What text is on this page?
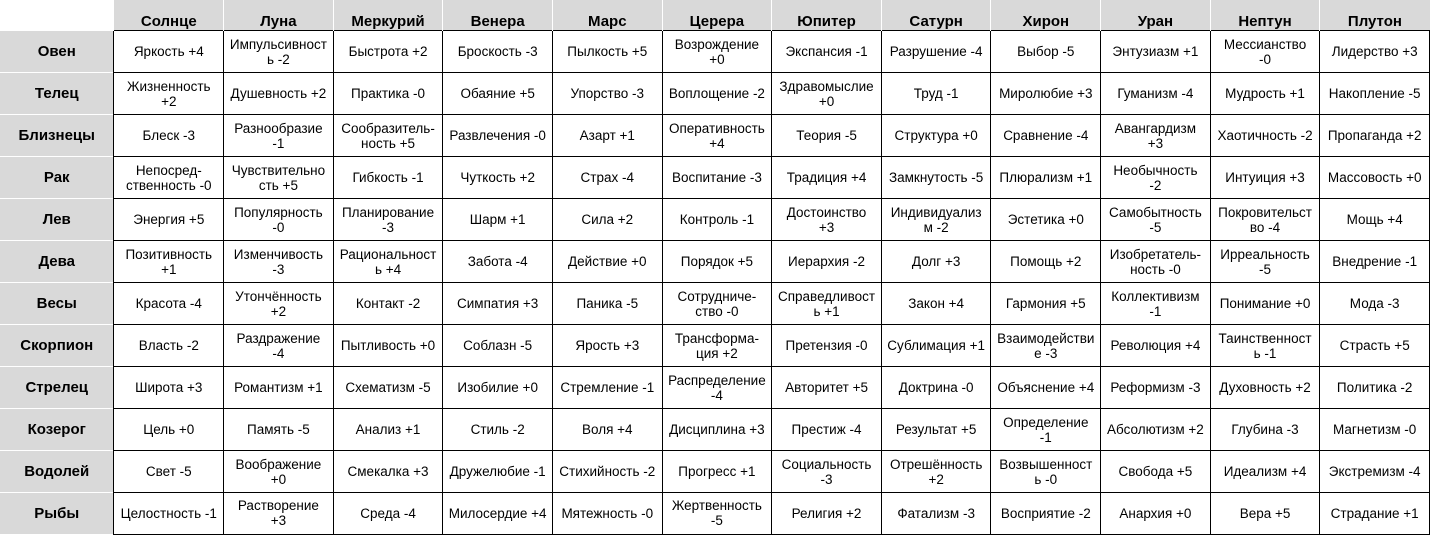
	Солнце	Луна	Меркурий	Венера	Марс	Церера	Юпитер	Сатурн	Хирон	Уран	Нептун	Плутон
Овен	Яркость +4	Импульсивность -2	Быстрота +2	Броскость -3	Пылкость +5	Возрождение +0	Экспансия -1	Разрушение -4	Выбор -5	Энтузиазм +1	Мессианство -0	Лидерство +3
Телец	Жизненность +2	Душевность +2	Практика -0	Обаяние +5	Упорство -3	Воплощение -2	Здравомыслие +0	Труд -1	Миролюбие +3	Гуманизм -4	Мудрость +1	Накопление -5
Близнецы	Блеск -3	Разнообразие -1	Сообразитель-ность +5	Развлечения -0	Азарт +1	Оперативность +4	Теория -5	Структура +0	Сравнение -4	Авангардизм +3	Хаотичность -2	Пропаганда +2
Рак	Непосред-ственность -0	Чувствительность +5	Гибкость -1	Чуткость +2	Страх -4	Воспитание -3	Традиция +4	Замкнутость -5	Плюрализм +1	Необычность -2	Интуиция +3	Массовость +0
Лев	Энергия +5	Популярность -0	Планирование -3	Шарм +1	Сила +2	Контроль -1	Достоинство +3	Индивидуализм -2	Эстетика +0	Самобытность -5	Покровительство -4	Мощь +4
Дева	Позитивность +1	Изменчивость -3	Рациональность +4	Забота -4	Действие +0	Порядок +5	Иерархия -2	Долг +3	Помощь +2	Изобретатель-ность -0	Ирреальность -5	Внедрение -1
Весы	Красота -4	Утончённость +2	Контакт -2	Симпатия +3	Паника -5	Сотрудниче-ство -0	Справедливость +1	Закон +4	Гармония +5	Коллективизм -1	Понимание +0	Мода -3
Скорпион	Власть -2	Раздражение -4	Пытливость +0	Соблазн -5	Ярость +3	Трансформа-ция +2	Претензия -0	Сублимация +1	Взаимодействие -3	Революция +4	Таинственность -1	Страсть +5
Стрелец	Широта +3	Романтизм +1	Схематизм -5	Изобилие +0	Стремление -1	Распределение -4	Авторитет +5	Доктрина -0	Объяснение +4	Реформизм -3	Духовность +2	Политика -2
Козерог	Цель +0	Память -5	Анализ +1	Стиль -2	Воля +4	Дисциплина +3	Престиж -4	Результат +5	Определение -1	Абсолютизм +2	Глубина -3	Магнетизм -0
Водолей	Свет -5	Воображение +0	Смекалка +3	Дружелюбие -1	Стихийность -2	Прогресс +1	Социальность -3	Отрешённость +2	Возвышенность -0	Свобода +5	Идеализм +4	Экстремизм -4
Рыбы	Целостность -1	Растворение +3	Среда -4	Милосердие +4	Мятежность -0	Жертвенность -5	Религия +2	Фатализм -3	Восприятие -2	Анархия +0	Вера +5	Страдание +1
